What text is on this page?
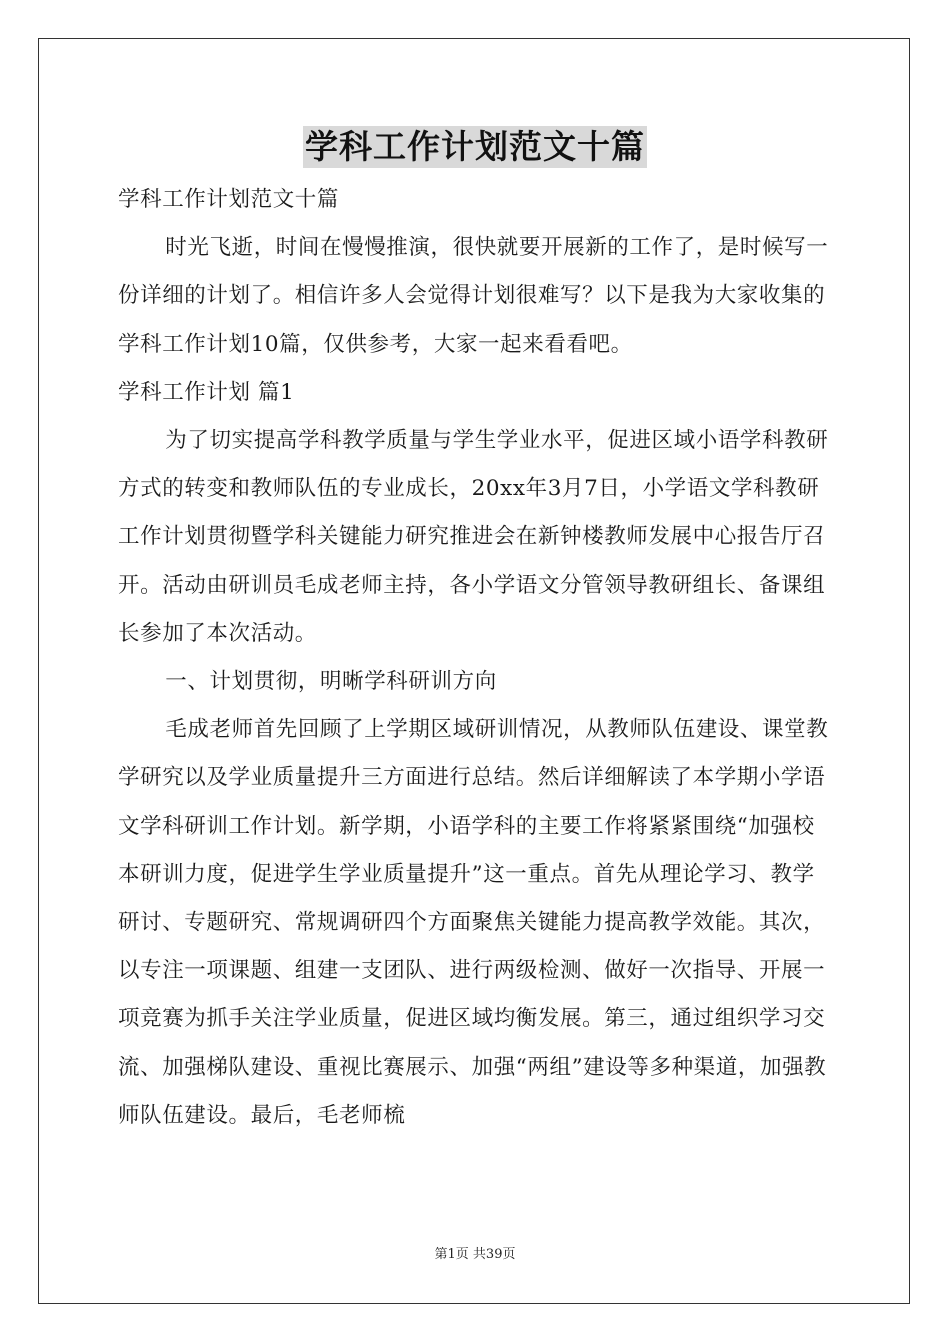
学科工作计划范文十篇

学科工作计划范文十篇

时光飞逝，时间在慢慢推演，很快就要开展新的工作了，是时候写一份详细的计划了。相信许多人会觉得计划很难写？以下是我为大家收集的学科工作计划10篇，仅供参考，大家一起来看看吧。

学科工作计划 篇1

为了切实提高学科教学质量与学生学业水平，促进区域小语学科教研方式的转变和教师队伍的专业成长，20xx年3月7日，小学语文学科教研工作计划贯彻暨学科关键能力研究推进会在新钟楼教师发展中心报告厅召开。活动由研训员毛成老师主持，各小学语文分管领导教研组长、备课组长参加了本次活动。

一、计划贯彻，明晰学科研训方向

毛成老师首先回顾了上学期区域研训情况，从教师队伍建设、课堂教学研究以及学业质量提升三方面进行总结。然后详细解读了本学期小学语文学科研训工作计划。新学期，小语学科的主要工作将紧紧围绕“加强校本研训力度，促进学生学业质量提升”这一重点。首先从理论学习、教学研讨、专题研究、常规调研四个方面聚焦关键能力提高教学效能。其次，以专注一项课题、组建一支团队、进行两级检测、做好一次指导、开展一项竞赛为抓手关注学业质量，促进区域均衡发展。第三，通过组织学习交流、加强梯队建设、重视比赛展示、加强“两组”建设等多种渠道，加强教师队伍建设。最后，毛老师梳

第1页 共39页
